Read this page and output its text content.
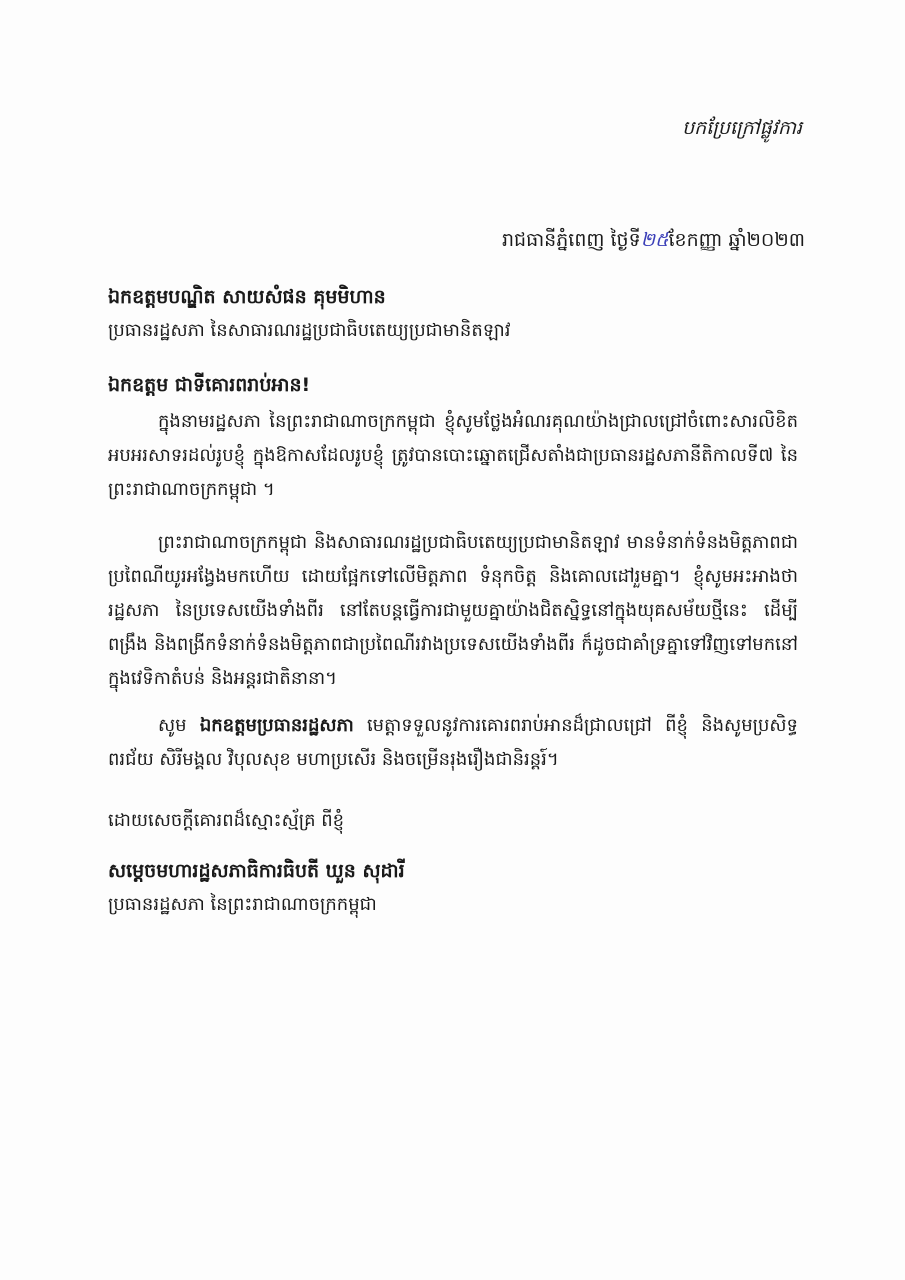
បកប្រែក្រៅផ្លូវការ
រាជធានីភ្នំពេញ ថ្ងៃទី២៥ខែកញ្ញា ឆ្នាំ២០២៣
ឯកឧត្តមបណ្ឌិត សាយសំផន គុមមិហាន
ប្រធានរដ្ឋសភា នៃសាធារណរដ្ឋប្រជាធិបតេយ្យប្រជាមានិតឡាវ
ឯកឧត្តម ជាទីគោរពរាប់អាន!
ក្នុងនាមរដ្ឋសភា នៃព្រះរាជាណាចក្រកម្ពុជា ខ្ញុំសូមថ្លែងអំណរគុណយ៉ាងជ្រាលជ្រៅចំពោះសារលិខិតអបអរសាទរដល់រូបខ្ញុំ ក្នុងឱកាសដែលរូបខ្ញុំ ត្រូវបានបោះឆ្នោតជ្រើសតាំងជាប្រធានរដ្ឋសភានីតិកាលទី៧ នៃព្រះរាជាណាចក្រកម្ពុជា ។
ព្រះរាជាណាចក្រកម្ពុជា និងសាធារណរដ្ឋប្រជាធិបតេយ្យប្រជាមានិតឡាវ មានទំនាក់ទំនងមិត្តភាពជាប្រពៃណីយូរអង្វែងមកហើយ ដោយផ្អែកទៅលើមិត្តភាព ទំនុកចិត្ត និងគោលដៅរួមគ្នា។ ខ្ញុំសូមអះអាងថា រដ្ឋសភា នៃប្រទេសយើងទាំងពីរ នៅតែបន្តធ្វើការជាមួយគ្នាយ៉ាងជិតស្និទ្ធនៅក្នុងយុគសម័យថ្មីនេះ ដើម្បីពង្រឹង និងពង្រីកទំនាក់ទំនងមិត្តភាពជាប្រពៃណីរវាងប្រទេសយើងទាំងពីរ ក៏ដូចជាគាំទ្រគ្នាទៅវិញទៅមកនៅក្នុងវេទិកាតំបន់ និងអន្តរជាតិនានា។
សូម ឯកឧត្តមប្រធានរដ្ឋសភា មេត្តាទទួលនូវការគោរពរាប់អានដ៏ជ្រាលជ្រៅ ពីខ្ញុំ និងសូមប្រសិទ្ធពរជ័យ សិរីមង្គល វិបុលសុខ មហាប្រសើរ និងចម្រើនរុងរឿងជានិរន្តរ៍។
ដោយសេចក្តីគោរពដ៏ស្មោះស្ម័គ្រ ពីខ្ញុំ
សម្តេចមហារដ្ឋសភាធិការធិបតី ឃួន សុដារី
ប្រធានរដ្ឋសភា នៃព្រះរាជាណាចក្រកម្ពុជា
